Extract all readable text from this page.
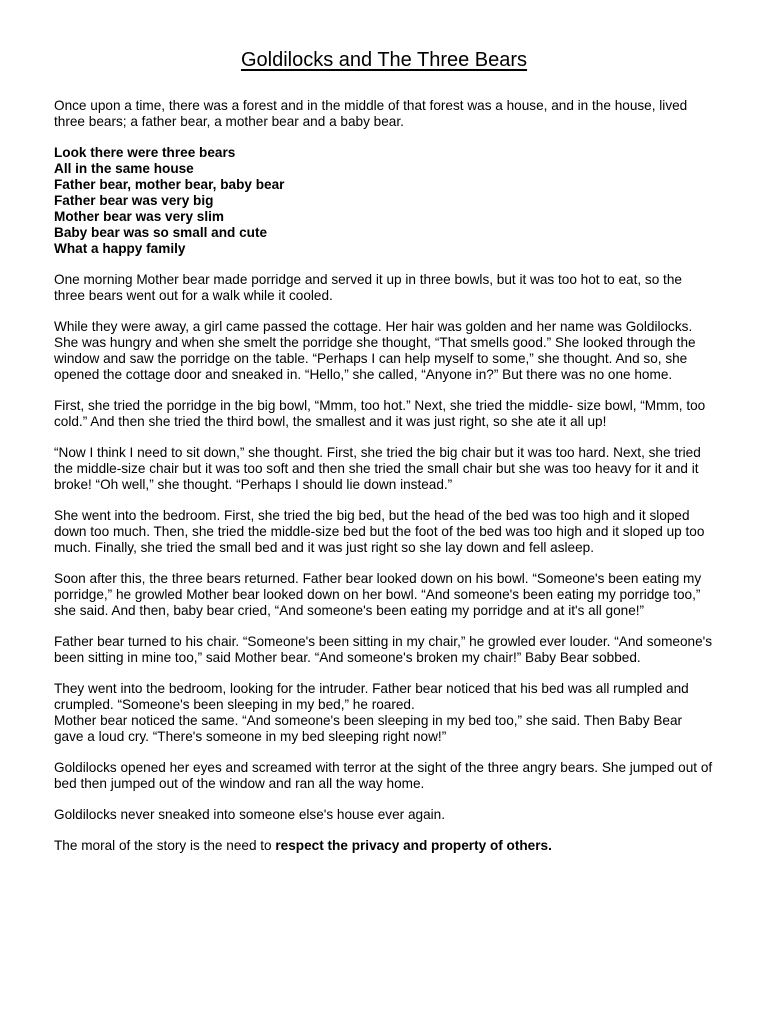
Goldilocks and The Three Bears

Once upon a time, there was a forest and in the middle of that forest was a house, and in the house, lived three bears; a father bear, a mother bear and a baby bear.

Look there were three bears
All in the same house
Father bear, mother bear, baby bear
Father bear was very big
Mother bear was very slim
Baby bear was so small and cute
What a happy family

One morning Mother bear made porridge and served it up in three bowls, but it was too hot to eat, so the three bears went out for a walk while it cooled.

While they were away, a girl came passed the cottage. Her hair was golden and her name was Goldilocks. She was hungry and when she smelt the porridge she thought, “That smells good.” She looked through the window and saw the porridge on the table. “Perhaps I can help myself to some,” she thought. And so, she opened the cottage door and sneaked in. “Hello,” she called, “Anyone in?” But there was no one home.

First, she tried the porridge in the big bowl, “Mmm, too hot.” Next, she tried the middle- size bowl, “Mmm, too cold.” And then she tried the third bowl, the smallest and it was just right, so she ate it all up!

“Now I think I need to sit down,” she thought. First, she tried the big chair but it was too hard. Next, she tried the middle-size chair but it was too soft and then she tried the small chair but she was too heavy for it and it broke! “Oh well,” she thought. “Perhaps I should lie down instead.”

She went into the bedroom. First, she tried the big bed, but the head of the bed was too high and it sloped down too much. Then, she tried the middle-size bed but the foot of the bed was too high and it sloped up too much. Finally, she tried the small bed and it was just right so she lay down and fell asleep.

Soon after this, the three bears returned. Father bear looked down on his bowl. “Someone's been eating my porridge,” he growled Mother bear looked down on her bowl. “And someone's been eating my porridge too,” she said. And then, baby bear cried, “And someone's been eating my porridge and at it's all gone!”

Father bear turned to his chair. “Someone's been sitting in my chair,” he growled ever louder. “And someone's been sitting in mine too,” said Mother bear. “And someone's broken my chair!” Baby Bear sobbed.

They went into the bedroom, looking for the intruder. Father bear noticed that his bed was all rumpled and crumpled. “Someone's been sleeping in my bed,” he roared.
Mother bear noticed the same. “And someone's been sleeping in my bed too,” she said. Then Baby Bear gave a loud cry. “There's someone in my bed sleeping right now!”

Goldilocks opened her eyes and screamed with terror at the sight of the three angry bears. She jumped out of bed then jumped out of the window and ran all the way home.

Goldilocks never sneaked into someone else's house ever again.

The moral of the story is the need to respect the privacy and property of others.
